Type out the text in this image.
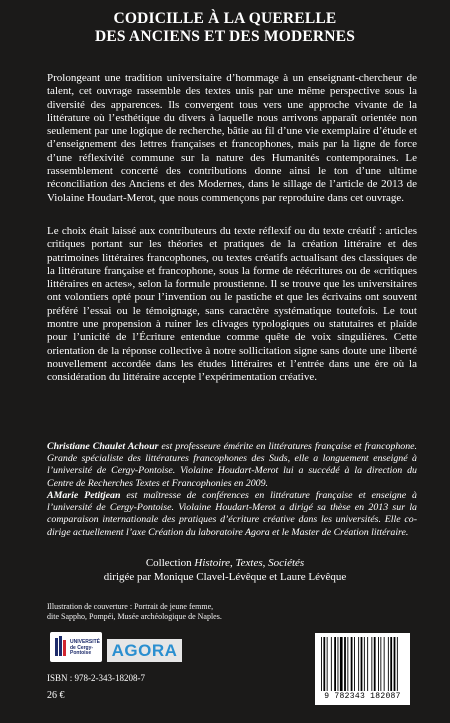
CODICILLE À LA QUERELLE
DES ANCIENS ET DES MODERNES

Prolongeant une tradition universitaire d’hommage à un enseignant-chercheur de talent, cet ouvrage rassemble des textes unis par une même perspective sous la diversité des apparences. Ils convergent tous vers une approche vivante de la littérature où l’esthétique du divers à laquelle nous arrivons apparaît orientée non seulement par une logique de recherche, bâtie au fil d’une vie exemplaire d’étude et d’enseignement des lettres françaises et francophones, mais par la ligne de force d’une réflexivité commune sur la nature des Humanités contemporaines. Le rassemblement concerté des contributions donne ainsi le ton d’une ultime réconciliation des Anciens et des Modernes, dans le sillage de l’article de 2013 de Violaine Houdart-Merot, que nous commençons par reproduire dans cet ouvrage.

Le choix était laissé aux contributeurs du texte réflexif ou du texte créatif : articles critiques portant sur les théories et pratiques de la création littéraire et des patrimoines littéraires francophones, ou textes créatifs actualisant des classiques de la littérature française et francophone, sous la forme de réécritures ou de «critiques littéraires en actes», selon la formule proustienne. Il se trouve que les universitaires ont volontiers opté pour l’invention ou le pastiche et que les écrivains ont souvent préféré l’essai ou le témoignage, sans caractère systématique toutefois. Le tout montre une propension à ruiner les clivages typologiques ou statutaires et plaide pour l’unicité de l’Écriture entendue comme quête de voix singulières. Cette orientation de la réponse collective à notre sollicitation signe sans doute une liberté nouvellement accordée dans les études littéraires et l’entrée dans une ère où la considération du littéraire accepte l’expérimentation créative.

Christiane Chaulet Achour est professeure émérite en littératures française et francophone. Grande spécialiste des littératures francophones des Suds, elle a longuement enseigné à l’université de Cergy-Pontoise. Violaine Houdart-Merot lui a succédé à la direction du Centre de Recherches Textes et Francophonies en 2009.

AMarie Petitjean est maîtresse de conférences en littérature française et enseigne à l’université de Cergy-Pontoise. Violaine Houdart-Merot a dirigé sa thèse en 2013 sur la comparaison internationale des pratiques d’écriture créative dans les universités. Elle co-dirige actuellement l’axe Création du laboratoire Agora et le Master de Création littéraire.

Collection Histoire, Textes, Sociétés
dirigée par Monique Clavel-Lévêque et Laure Lévêque
Illustration de couverture : Portrait de jeune femme,
dite Sappho, Pompéi, Musée archéologique de Naples.
UNIVERSITÉ
de Cergy-Pontoise	AGORA
ISBN : 978-2-343-18208-7
26 €	9 782343 182087
